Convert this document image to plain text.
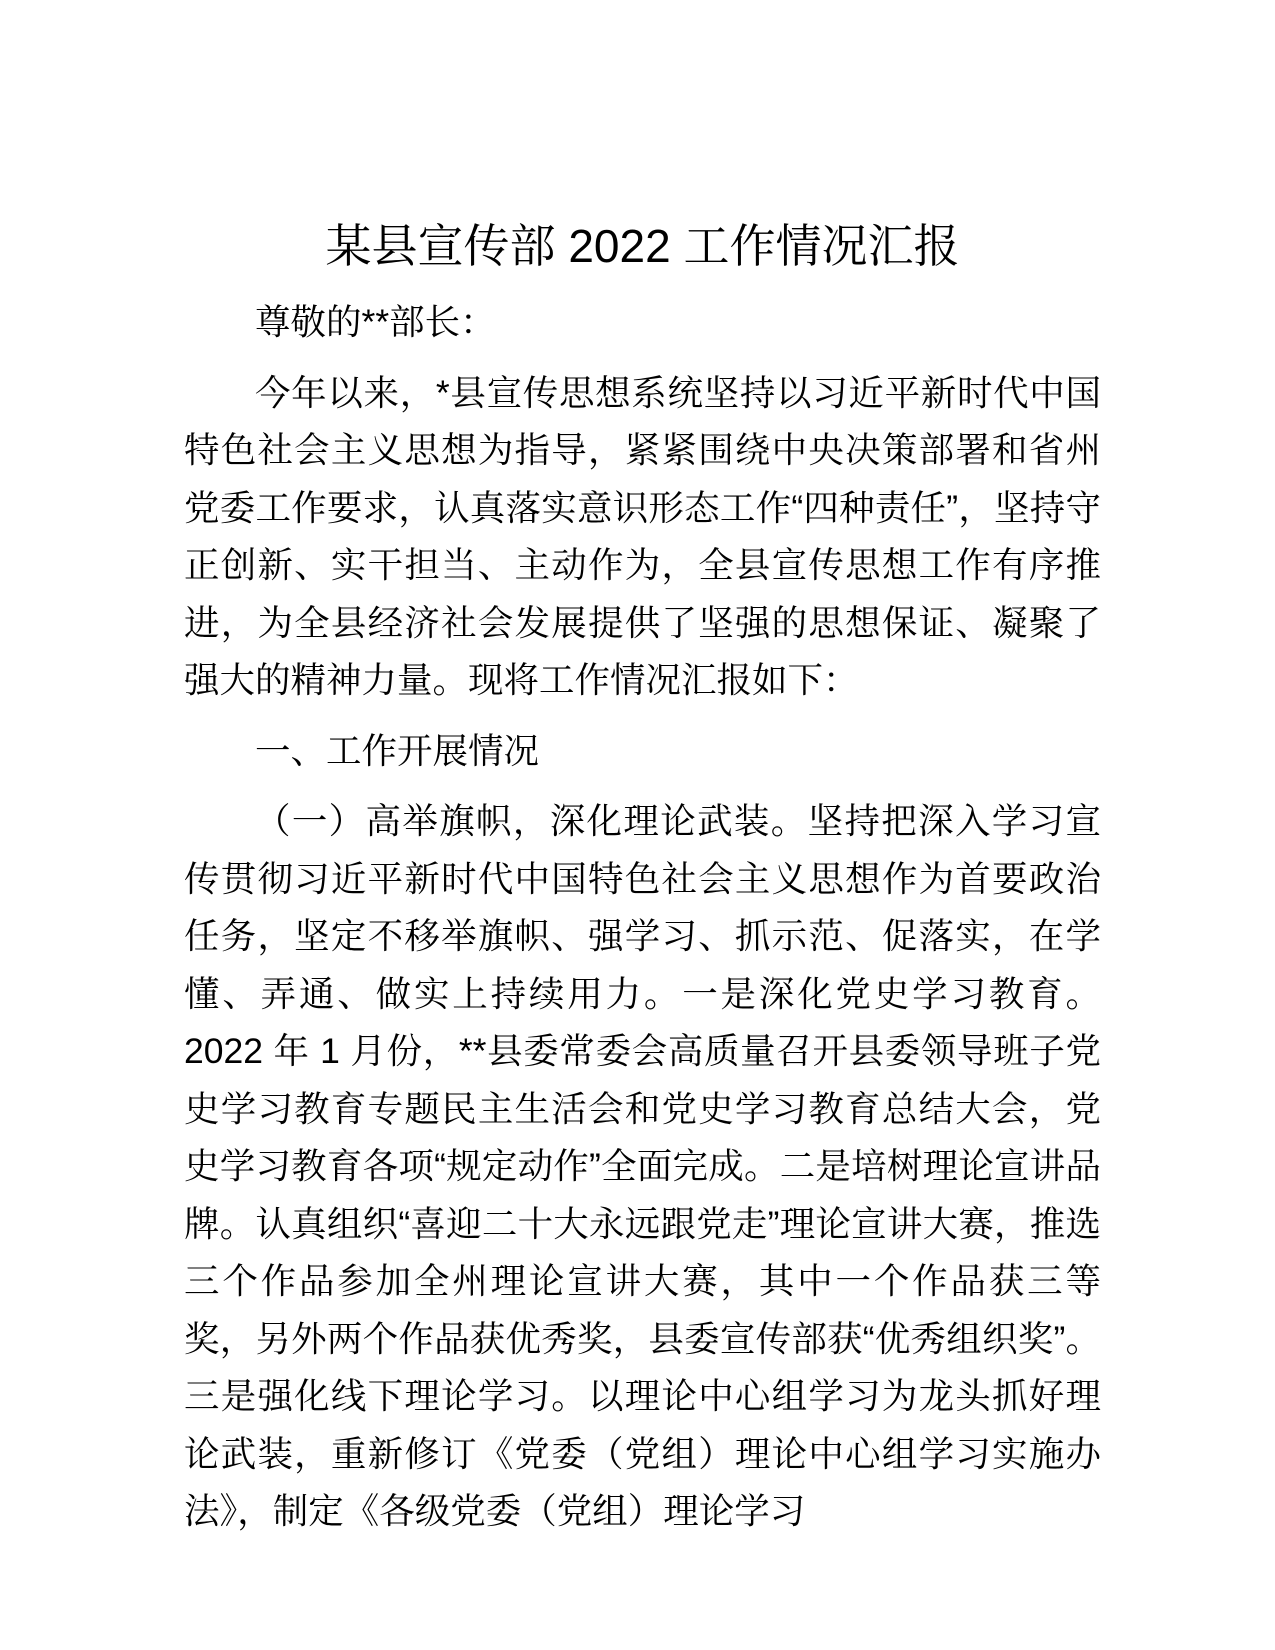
某县宣传部 2022 工作情况汇报
尊敬的**部长：
今年以来，*县宣传思想系统坚持以习近平新时代中国特色社会主义思想为指导，紧紧围绕中央决策部署和省州党委工作要求，认真落实意识形态工作“四种责任”，坚持守正创新、实干担当、主动作为，全县宣传思想工作有序推进，为全县经济社会发展提供了坚强的思想保证、凝聚了强大的精神力量。现将工作情况汇报如下：
一、工作开展情况
（一）高举旗帜，深化理论武装。坚持把深入学习宣传贯彻习近平新时代中国特色社会主义思想作为首要政治任务，坚定不移举旗帜、强学习、抓示范、促落实，在学懂、弄通、做实上持续用力。一是深化党史学习教育。2022 年 1 月份，**县委常委会高质量召开县委领导班子党史学习教育专题民主生活会和党史学习教育总结大会，党史学习教育各项“规定动作”全面完成。二是培树理论宣讲品牌。认真组织“喜迎二十大永远跟党走”理论宣讲大赛，推选三个作品参加全州理论宣讲大赛，其中一个作品获三等奖，另外两个作品获优秀奖，县委宣传部获“优秀组织奖”。三是强化线下理论学习。以理论中心组学习为龙头抓好理论武装，重新修订《党委（党组）理论中心组学习实施办法》，制定《各级党委（党组）理论学习
